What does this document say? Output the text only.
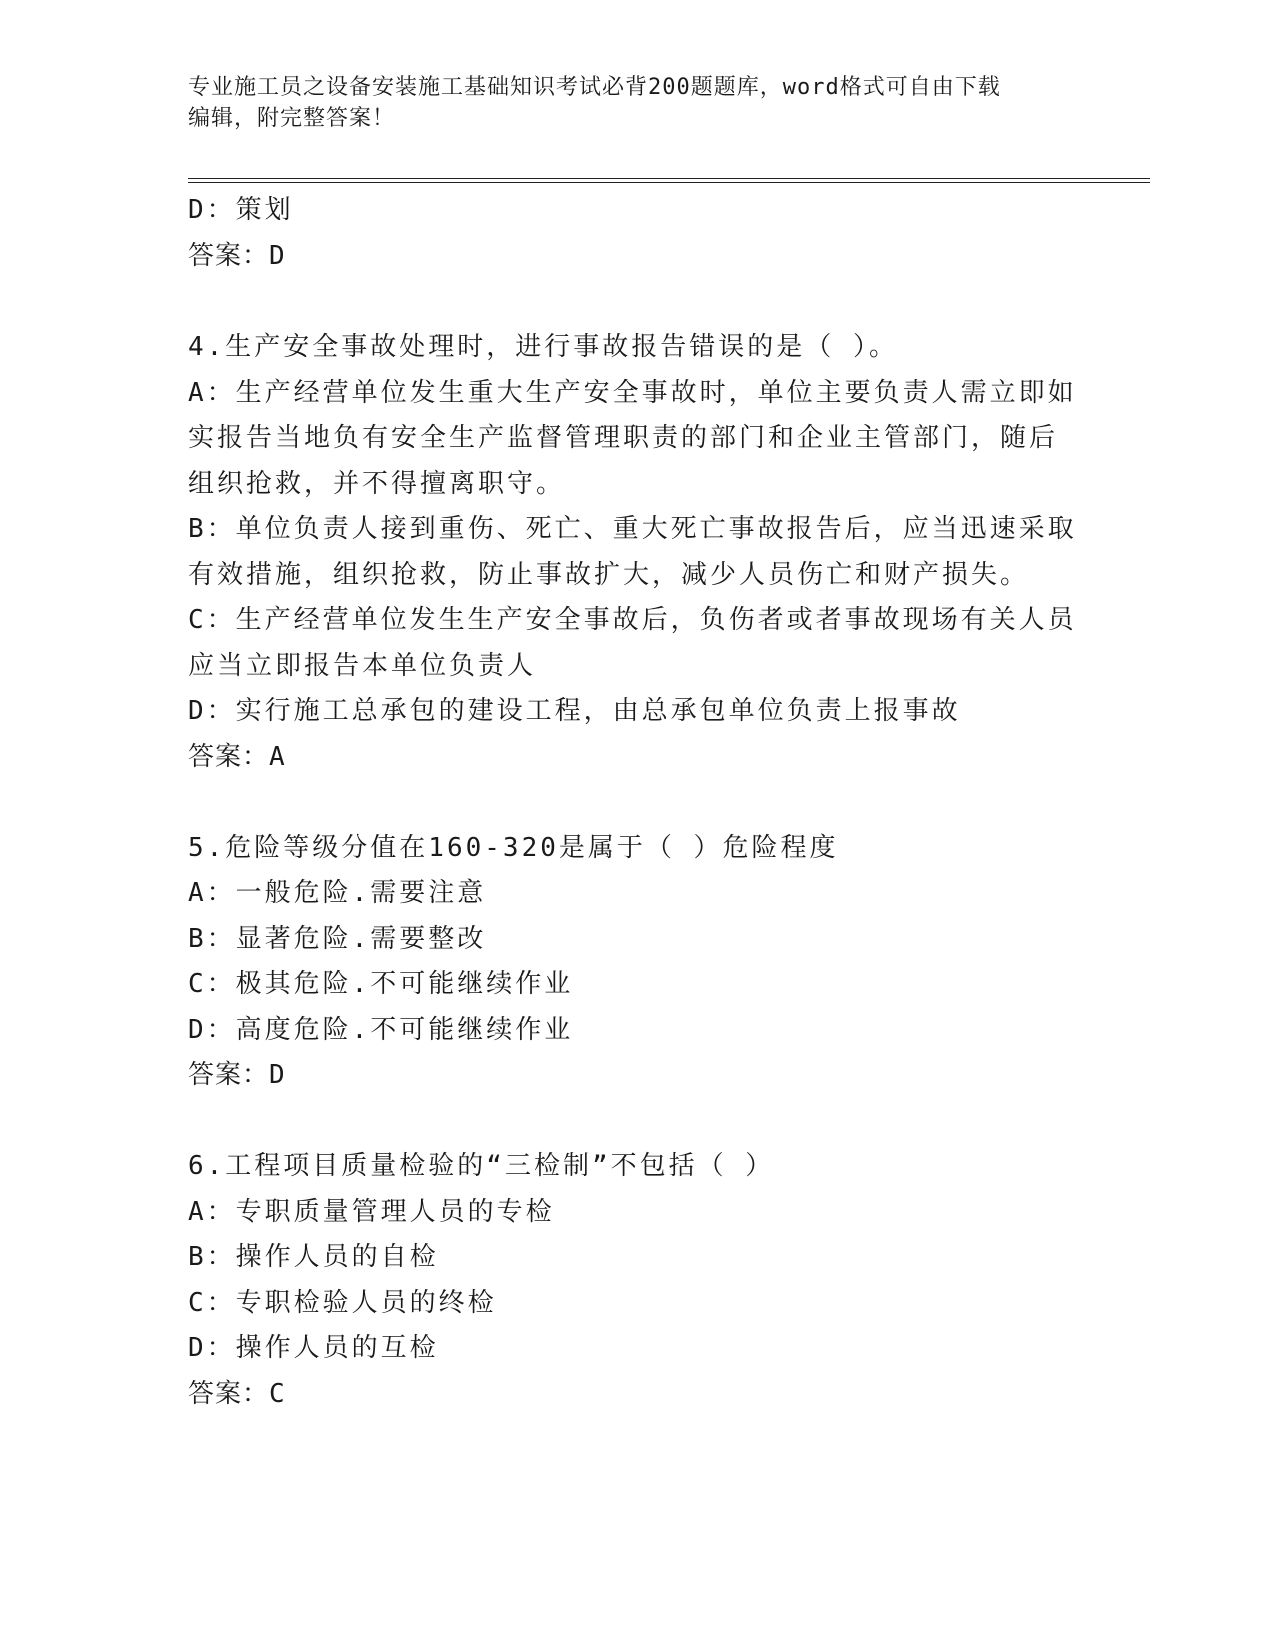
专业施工员之设备安装施工基础知识考试必背200题题库，word格式可自由下载
编辑，附完整答案！
D：策划
答案：D
4.生产安全事故处理时，进行事故报告错误的是（ ）。
A：生产经营单位发生重大生产安全事故时，单位主要负责人需立即如
实报告当地负有安全生产监督管理职责的部门和企业主管部门，随后
组织抢救，并不得擅离职守。
B：单位负责人接到重伤、死亡、重大死亡事故报告后，应当迅速采取
有效措施，组织抢救，防止事故扩大，减少人员伤亡和财产损失。
C：生产经营单位发生生产安全事故后，负伤者或者事故现场有关人员
应当立即报告本单位负责人
D：实行施工总承包的建设工程，由总承包单位负责上报事故
答案：A
5.危险等级分值在160-320是属于（ ）危险程度
A：一般危险.需要注意
B：显著危险.需要整改
C：极其危险.不可能继续作业
D：高度危险.不可能继续作业
答案：D
6.工程项目质量检验的“三检制”不包括（ ）
A：专职质量管理人员的专检
B：操作人员的自检
C：专职检验人员的终检
D：操作人员的互检
答案：C
